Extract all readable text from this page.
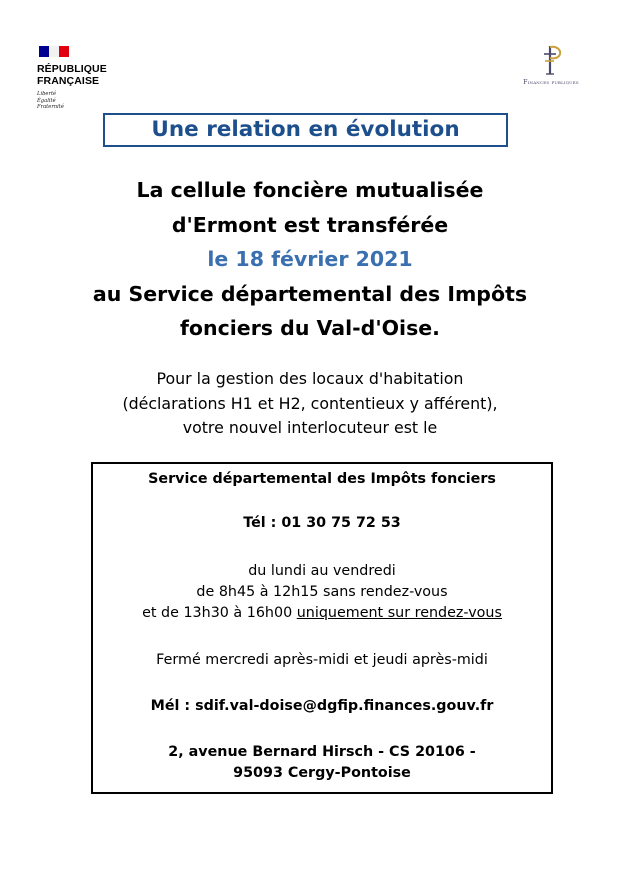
RÉPUBLIQUE
FRANÇAISE
Liberté
Égalité
Fraternité
Finances publiques
Une relation en évolution
La cellule foncière mutualisée
d'Ermont est transférée
le 18 février 2021
au Service départemental des Impôts
fonciers du Val-d'Oise.
Pour la gestion des locaux d'habitation
(déclarations H1 et H2, contentieux y afférent),
votre nouvel interlocuteur est le
Service départemental des Impôts fonciers
Tél : 01 30 75 72 53
du lundi au vendredi
de 8h45 à 12h15 sans rendez-vous
et de 13h30 à 16h00 uniquement sur rendez-vous
Fermé mercredi après-midi et jeudi après-midi
Mél : sdif.val-doise@dgfip.finances.gouv.fr
2, avenue Bernard Hirsch - CS 20106 -
95093 Cergy-Pontoise
